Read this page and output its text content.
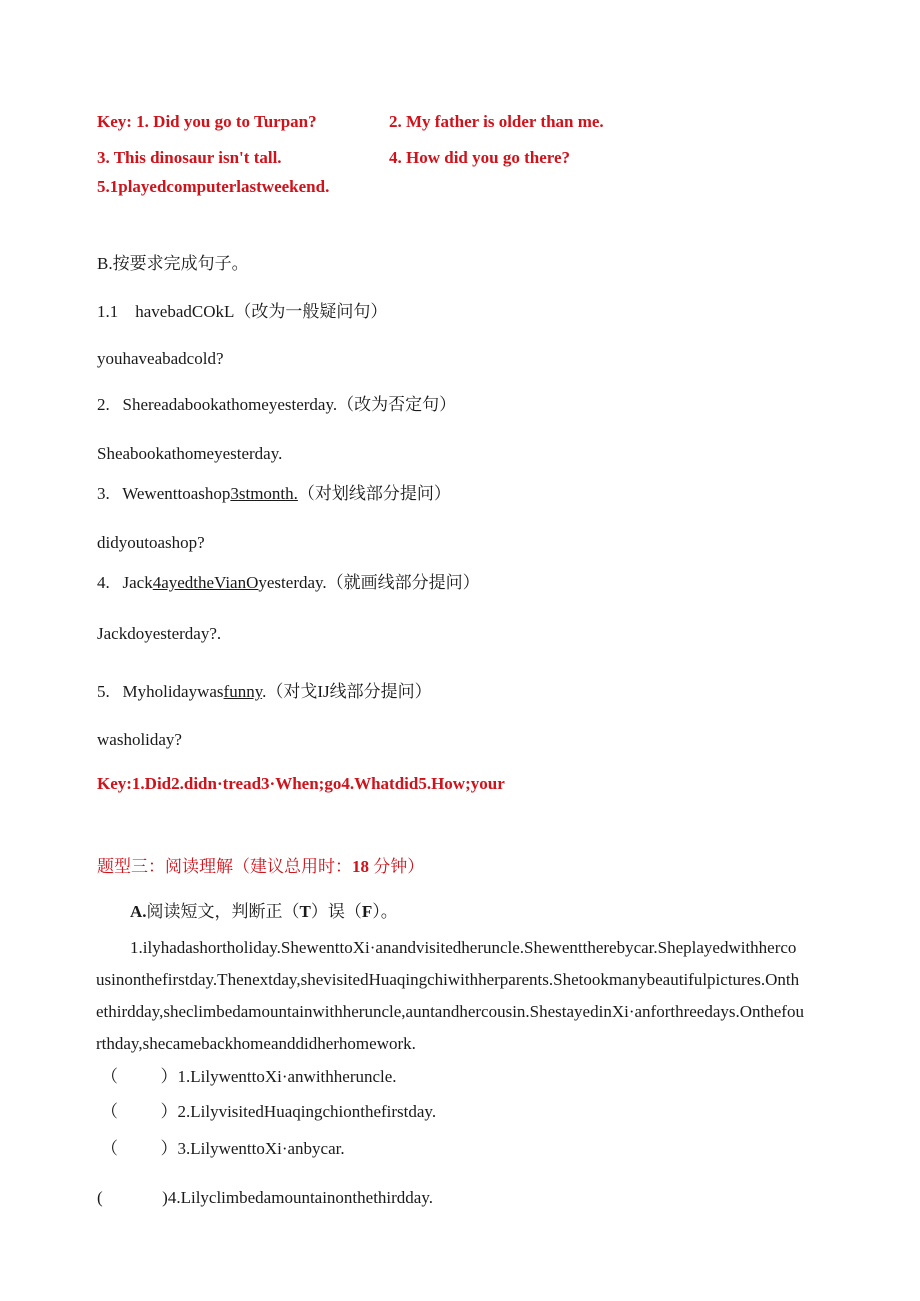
Key: 1. Did you go to Turpan?	2. My father is older than me.
3. This dinosaur isn't tall.	4. How did you go there?
5.1playedcomputerlastweekend.
B.按要求完成句子。
1.1 havebadCOkL（改为一般疑问句）
youhaveabadcold?
2. Shereadabookathomeyesterday.（改为否定句）
Sheabookathomeyesterday.
3. Wewenttoashop3stmonth.（对划线部分提问）
didyoutoashop?
4. Jack4ayedtheVianOyesterday.（就画线部分提问）
Jackdoyesterday?.
5. Myholidaywasfunny.（对戈IJ线部分提问）
washoliday?
Key:1.Did2.didn·tread3·When;go4.Whatdid5.How;your
题型三：阅读理解（建议总用时：18 分钟）
A.阅读短文，判断正（T）误（F）。

1.ilyhadashortholiday.ShewenttoXi·anandvisitedheruncle.Shewenttherebycar.Sheplayedwithhercousinonthefirstday.Thenextday,shevisitedHuaqingchiwithherparents.Shetookmanybeautifulpictures.Onthethirdday,sheclimbedamountainwithheruncle,auntandhercousin.ShestayedinXi·anforthreedays.Onthefourthday,shecamebackhomeanddidherhomework.

（	）1.LilywenttoXi·anwithheruncle.
（	）2.LilyvisitedHuaqingchionthefirstday.
（	）3.LilywenttoXi·anbycar.
(	)4.Lilyclimbedamountainonthethirdday.
